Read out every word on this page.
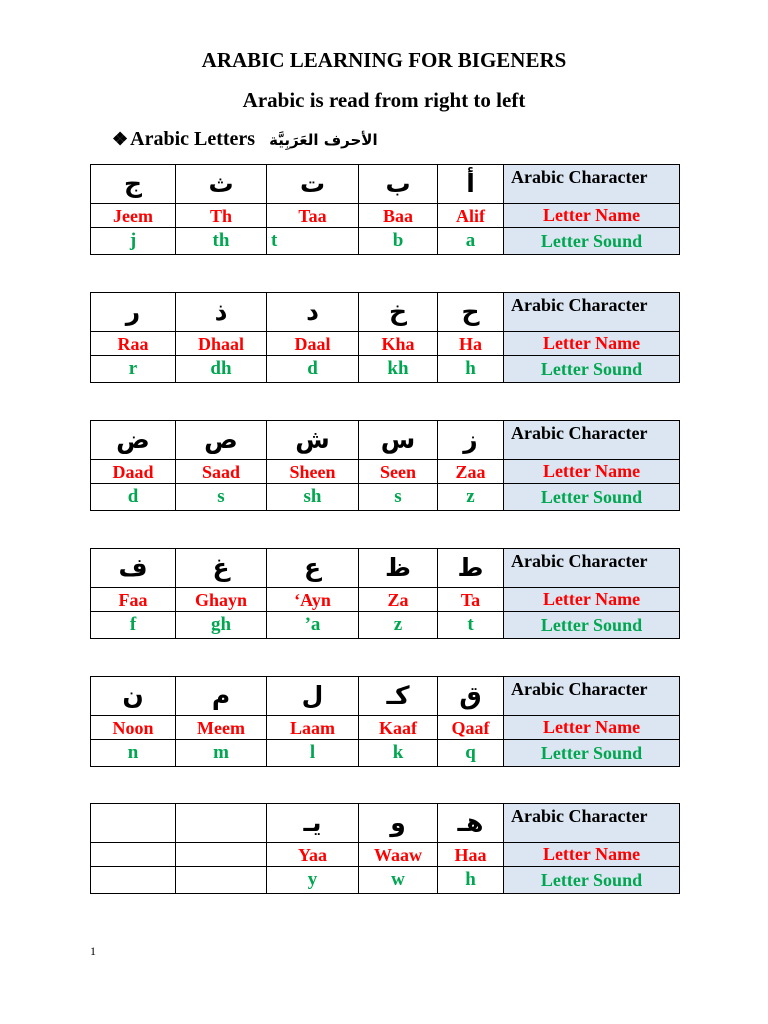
ARABIC LEARNING FOR BIGENERS
Arabic is read from right to left
❖ Arabic Letters الأحرف العَرَبِيَّة
ج	ث	ت	ب	أ	Arabic Character
Jeem	Th	Taa	Baa	Alif	Letter Name
j	th	t	b	a	Letter Sound
ر	ذ	د	خ	ح	Arabic Character
Raa	Dhaal	Daal	Kha	Ha	Letter Name
r	dh	d	kh	h	Letter Sound
ض	ص	ش	س	ز	Arabic Character
Daad	Saad	Sheen	Seen	Zaa	Letter Name
d	s	sh	s	z	Letter Sound
ف	غ	ع	ظ	ط	Arabic Character
Faa	Ghayn	‘Ayn	Za	Ta	Letter Name
f	gh	’a	z	t	Letter Sound
ن	م	ل	كـ	ق	Arabic Character
Noon	Meem	Laam	Kaaf	Qaaf	Letter Name
n	m	l	k	q	Letter Sound
		يـ	و	هـ	Arabic Character
		Yaa	Waaw	Haa	Letter Name
		y	w	h	Letter Sound
1
